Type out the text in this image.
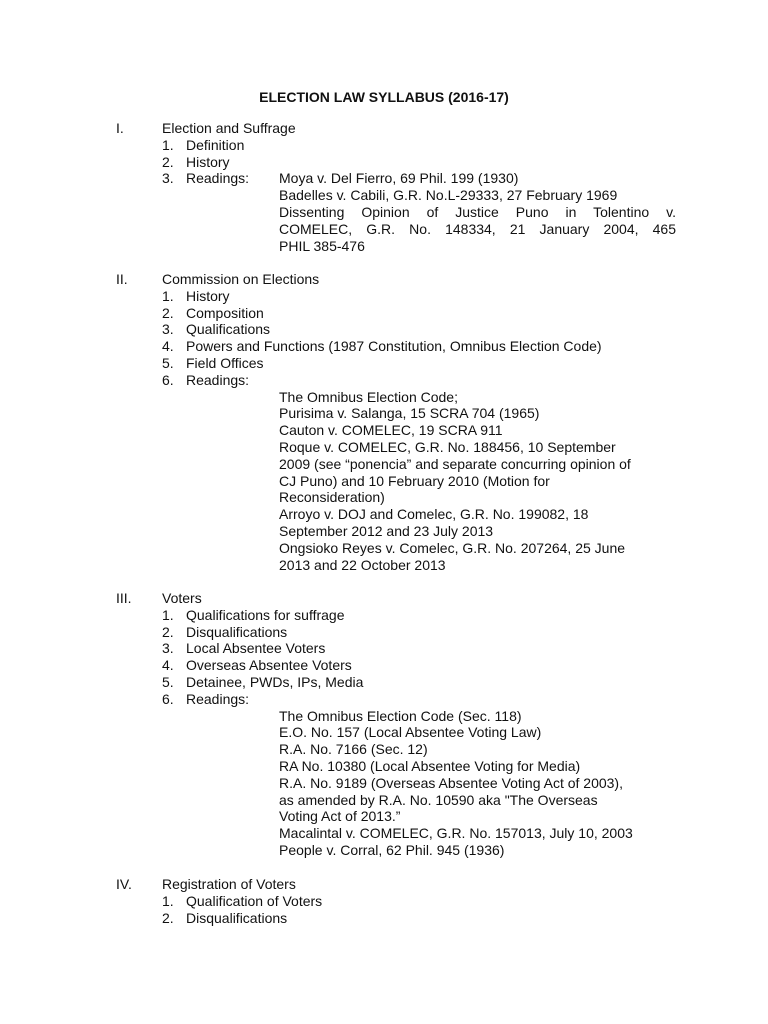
ELECTION LAW SYLLABUS (2016-17)
I.	Election and Suffrage
1. Definition
2. History
3. Readings: Moya v. Del Fierro, 69 Phil. 199 (1930)
Badelles v. Cabili, G.R. No.L-29333, 27 February 1969
Dissenting Opinion of Justice Puno in Tolentino v.
COMELEC, G.R. No. 148334, 21 January 2004, 465
PHIL 385-476
II. Commission on Elections
1. History
2. Composition
3. Qualifications
4. Powers and Functions (1987 Constitution, Omnibus Election Code)
5. Field Offices
6. Readings:
The Omnibus Election Code;
Purisima v. Salanga, 15 SCRA 704 (1965)
Cauton v. COMELEC, 19 SCRA 911
Roque v. COMELEC, G.R. No. 188456, 10 September
2009 (see “ponencia” and separate concurring opinion of
CJ Puno) and 10 February 2010 (Motion for
Reconsideration)
Arroyo v. DOJ and Comelec, G.R. No. 199082, 18
September 2012 and 23 July 2013
Ongsioko Reyes v. Comelec, G.R. No. 207264, 25 June
2013 and 22 October 2013
III. Voters
1. Qualifications for suffrage
2. Disqualifications
3. Local Absentee Voters
4. Overseas Absentee Voters
5. Detainee, PWDs, IPs, Media
6. Readings:
The Omnibus Election Code (Sec. 118)
E.O. No. 157 (Local Absentee Voting Law)
R.A. No. 7166 (Sec. 12)
RA No. 10380 (Local Absentee Voting for Media)
R.A. No. 9189 (Overseas Absentee Voting Act of 2003),
as amended by R.A. No. 10590 aka "The Overseas
Voting Act of 2013.”
Macalintal v. COMELEC, G.R. No. 157013, July 10, 2003
People v. Corral, 62 Phil. 945 (1936)
IV. Registration of Voters
1. Qualification of Voters
2. Disqualifications
